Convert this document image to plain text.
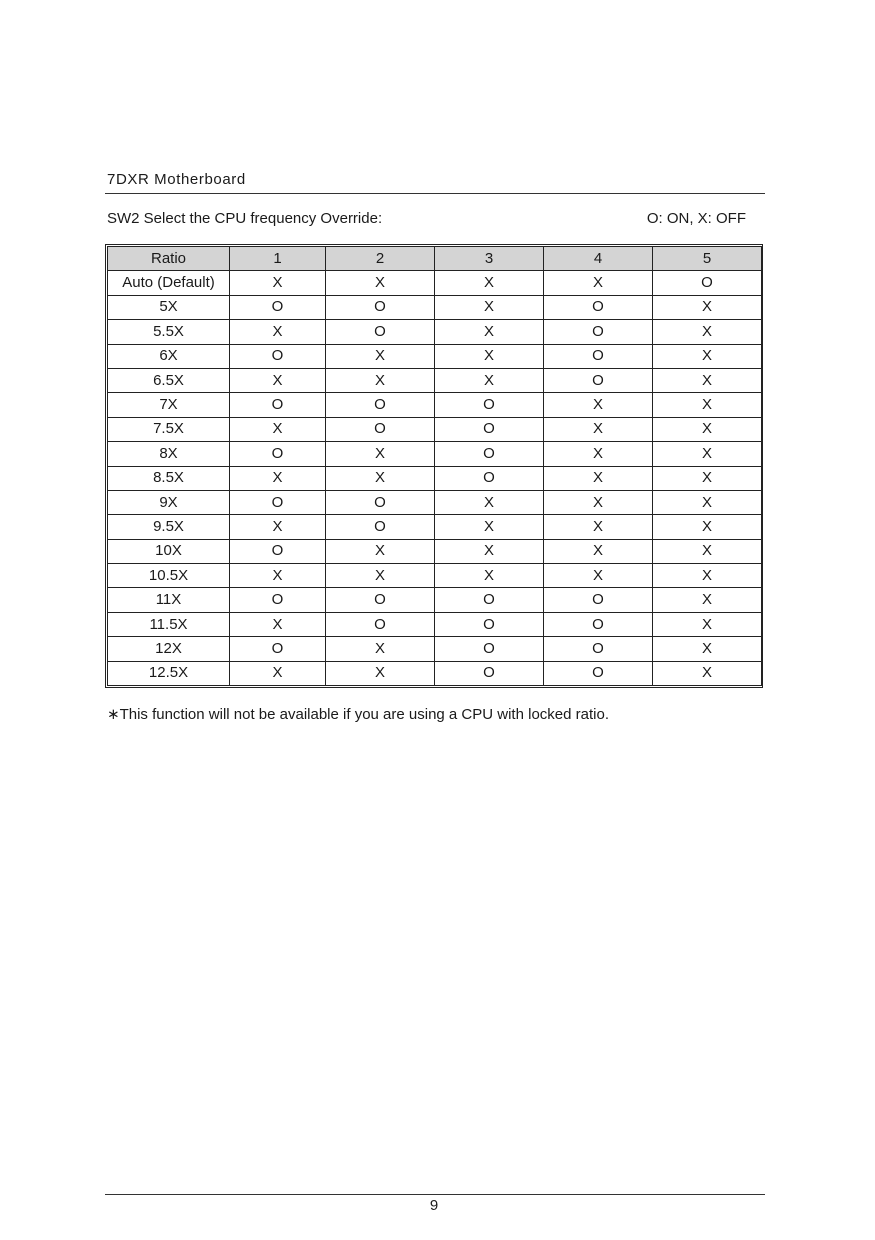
7DXR Motherboard
SW2 Select the CPU frequency Override:	O: ON, X: OFF
Ratio	1	2	3	4	5
Auto (Default)	X	X	X	X	O
5X	O	O	X	O	X
5.5X	X	O	X	O	X
6X	O	X	X	O	X
6.5X	X	X	X	O	X
7X	O	O	O	X	X
7.5X	X	O	O	X	X
8X	O	X	O	X	X
8.5X	X	X	O	X	X
9X	O	O	X	X	X
9.5X	X	O	X	X	X
10X	O	X	X	X	X
10.5X	X	X	X	X	X
11X	O	O	O	O	X
11.5X	X	O	O	O	X
12X	O	X	O	O	X
12.5X	X	X	O	O	X
∗This function will not be available if you are using a CPU with locked ratio.
9
